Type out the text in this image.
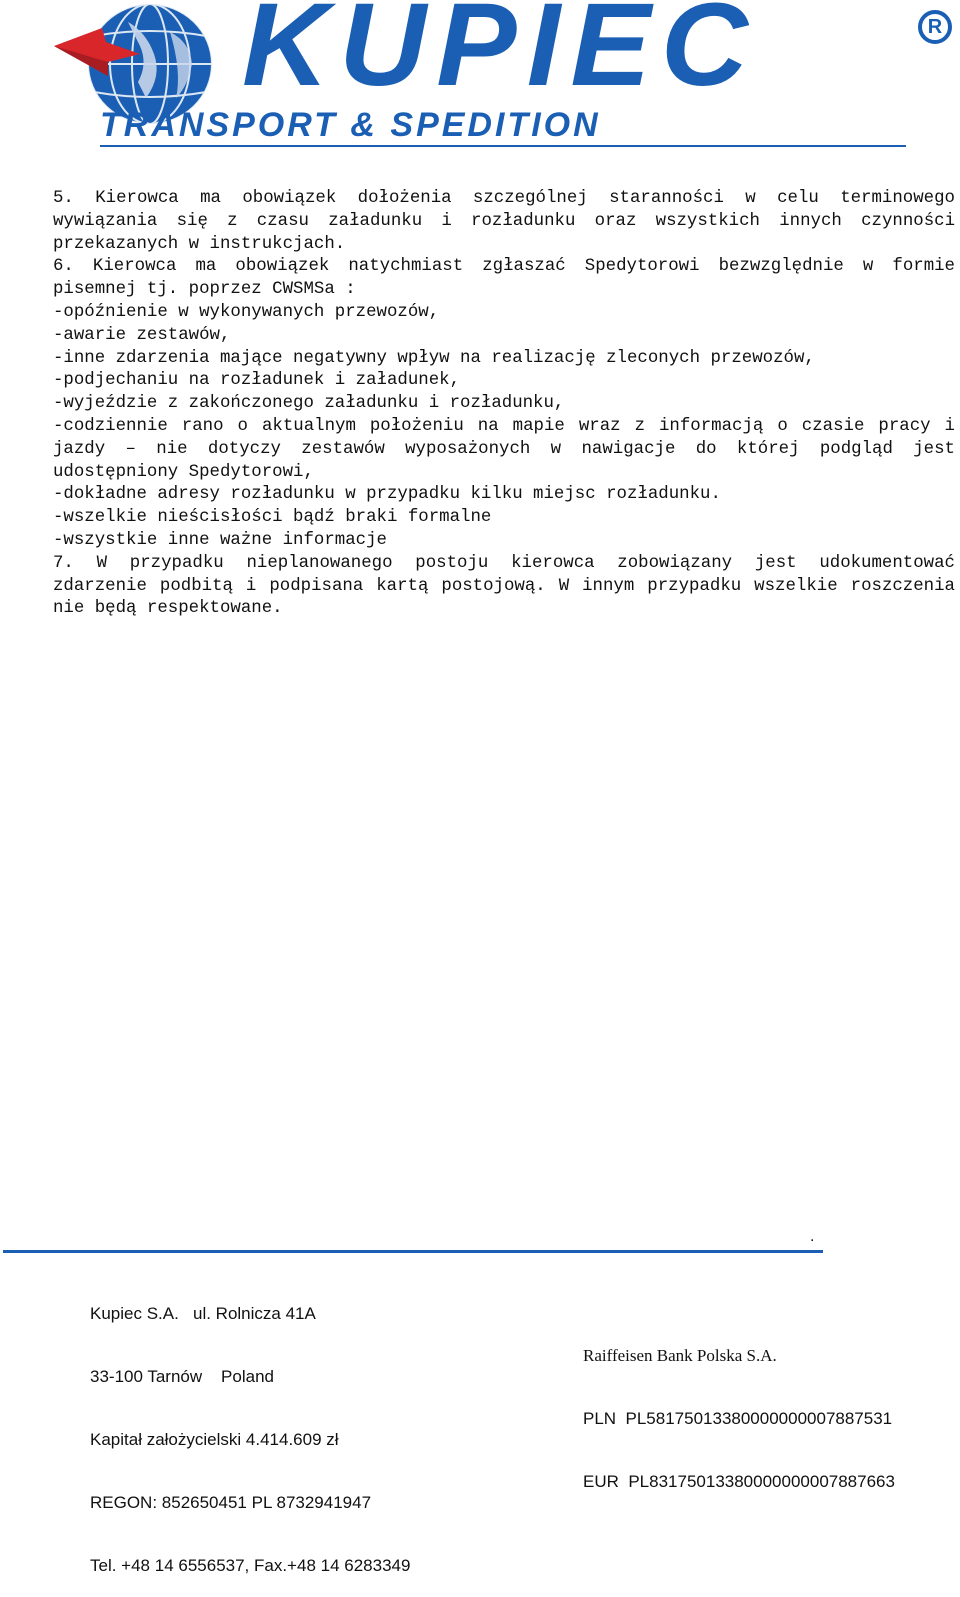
KUPIEC	R
TRANSPORT & SPEDITION

5. Kierowca ma obowiązek dołożenia szczególnej staranności w celu terminowego wywiązania się z czasu załadunku i rozładunku oraz wszystkich innych czynności przekazanych w instrukcjach.

6. Kierowca ma obowiązek natychmiast zgłaszać Spedytorowi bezwzględnie w formie pisemnej tj. poprzez CWSMSa :

-opóźnienie w wykonywanych przewozów,

-awarie zestawów,

-inne zdarzenia mające negatywny wpływ na realizację zleconych przewozów,

-podjechaniu na rozładunek i załadunek,

-wyjeździe z zakończonego załadunku i rozładunku,

-codziennie rano o aktualnym położeniu na mapie wraz z informacją o czasie pracy i jazdy – nie dotyczy zestawów wyposażonych w nawigacje do której podgląd jest udostępniony Spedytorowi,

-dokładne adresy rozładunku w przypadku kilku miejsc rozładunku.

-wszelkie nieścisłości bądź braki formalne

-wszystkie inne ważne informacje

7. W przypadku nieplanowanego postoju kierowca zobowiązany jest udokumentować zdarzenie podbitą i podpisana kartą postojową. W innym przypadku wszelkie roszczenia nie będą respektowane.

.

Kupiec S.A.   ul. Rolnicza 41A

33-100 Tarnów    Poland

Kapitał założycielski 4.414.609 zł

REGON: 852650451 PL 8732941947

Tel. +48 14 6556537, Fax.+48 14 6283349

Raiffeisen Bank Polska S.A.

PLN  PL58175013380000000007887531

EUR  PL83175013380000000007887663
